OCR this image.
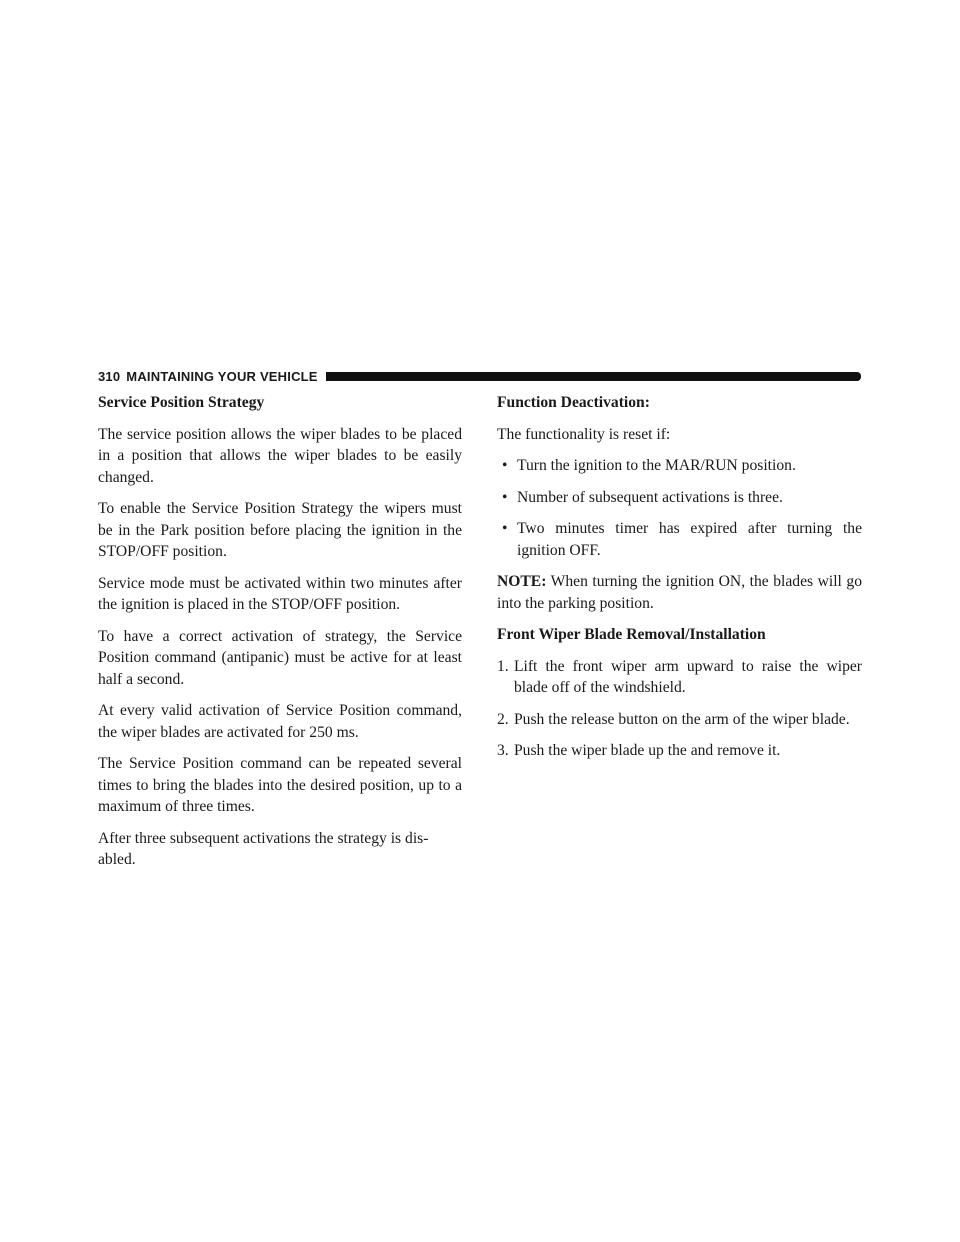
310 MAINTAINING YOUR VEHICLE
Service Position Strategy

The service position allows the wiper blades to be placed in a position that allows the wiper blades to be easily changed.

To enable the Service Position Strategy the wipers must be in the Park position before placing the ignition in the STOP/OFF position.

Service mode must be activated within two minutes after the ignition is placed in the STOP/OFF position.

To have a correct activation of strategy, the Service Position command (antipanic) must be active for at least half a second.

At every valid activation of Service Position command, the wiper blades are activated for 250 ms.

The Service Position command can be repeated several times to bring the blades into the desired position, up to a maximum of three times.

After three subsequent activations the strategy is dis-abled.

Function Deactivation:

The functionality is reset if:

• Turn the ignition to the MAR/RUN position.
• Number of subsequent activations is three.
• Two minutes timer has expired after turning the ignition OFF.

NOTE: When turning the ignition ON, the blades will go into the parking position.

Front Wiper Blade Removal/Installation
1. Lift the front wiper arm upward to raise the wiper blade off of the windshield.
2. Push the release button on the arm of the wiper blade.
3. Push the wiper blade up the and remove it.
